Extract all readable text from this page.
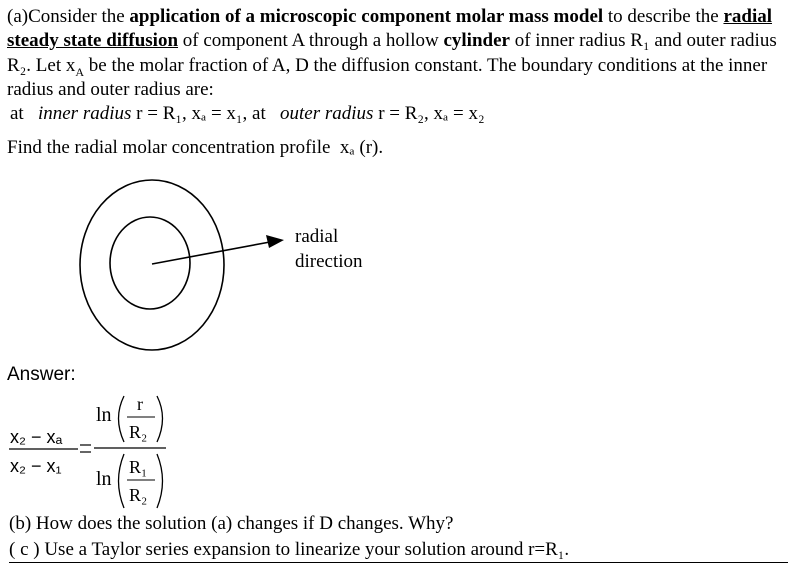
(a)Consider the application of a microscopic component molar mass model to describe the radial steady state diffusion of component A through a hollow cylinder of inner radius R₁ and outer radius R₂. Let $x_A$ be the molar fraction of A, D the diffusion constant. The boundary conditions at the inner radius and outer radius are:
at inner radius r = R₁, xₐ = x₁, at outer radius r = R₂, xₐ = x₂
Find the radial molar concentration profile xₐ (r).
radial
direction
Answer:
x₂ − xₐ
x₂ − x₁
ln r
R₂
ln
R₁
R₂
(b) How does the solution (a) changes if D changes. Why?
( c ) Use a Taylor series expansion to linearize your solution around r=R₁.
